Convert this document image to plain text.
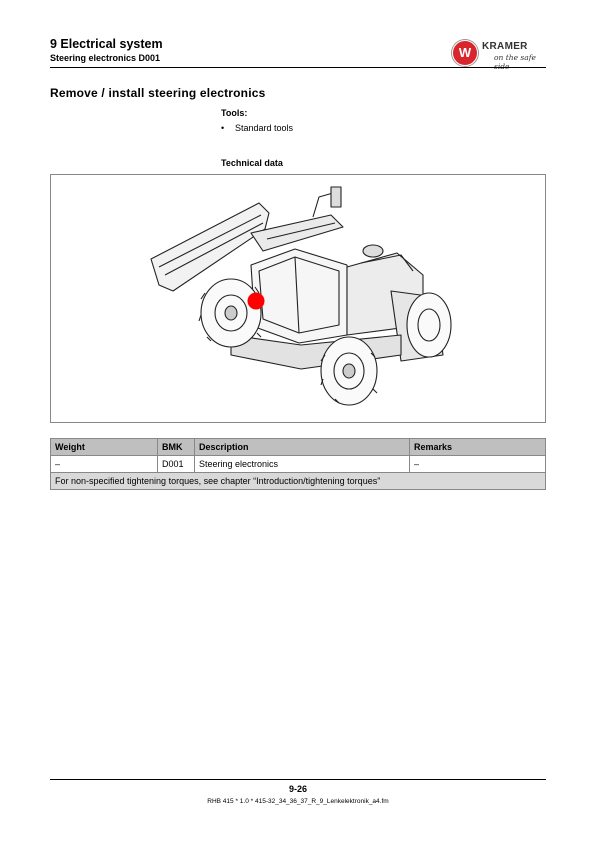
9 Electrical system
Steering electronics D001	W	KRAMER
on the safe
Remove / install steering electronics
Tools:
• Standard tools
Technical data
Weight	BMK	Description	Remarks
–	D001	Steering electronics	–
For non-specified tightening torques, see chapter “Introduction/tightening torques”			
9-26
RHB 415 * 1.0 * 415-32_34_36_37_R_9_Lenkelektronik_a4.fm
